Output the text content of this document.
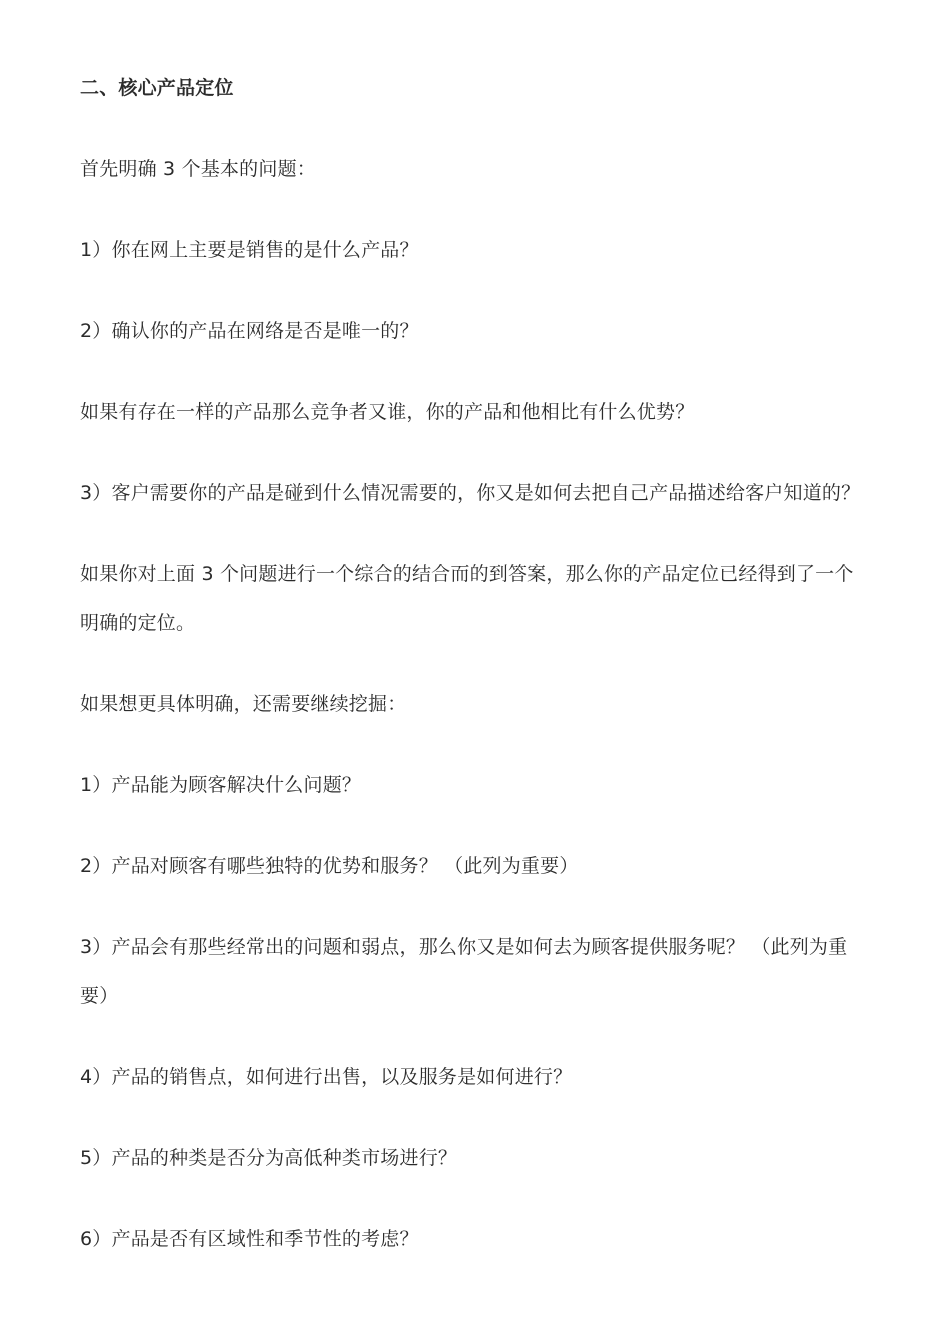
二、核心产品定位
首先明确 3 个基本的问题：
1）你在网上主要是销售的是什么产品？
2）确认你的产品在网络是否是唯一的？
如果有存在一样的产品那么竞争者又谁，你的产品和他相比有什么优势？
3）客户需要你的产品是碰到什么情况需要的，你又是如何去把自己产品描述给客户知道的？
如果你对上面 3 个问题进行一个综合的结合而的到答案，那么你的产品定位已经得到了一个
明确的定位。
如果想更具体明确，还需要继续挖掘：
1）产品能为顾客解决什么问题？
2）产品对顾客有哪些独特的优势和服务？ （此列为重要）
3）产品会有那些经常出的问题和弱点，那么你又是如何去为顾客提供服务呢？ （此列为重
要）
4）产品的销售点，如何进行出售，以及服务是如何进行？
5）产品的种类是否分为高低种类市场进行？
6）产品是否有区域性和季节性的考虑？
